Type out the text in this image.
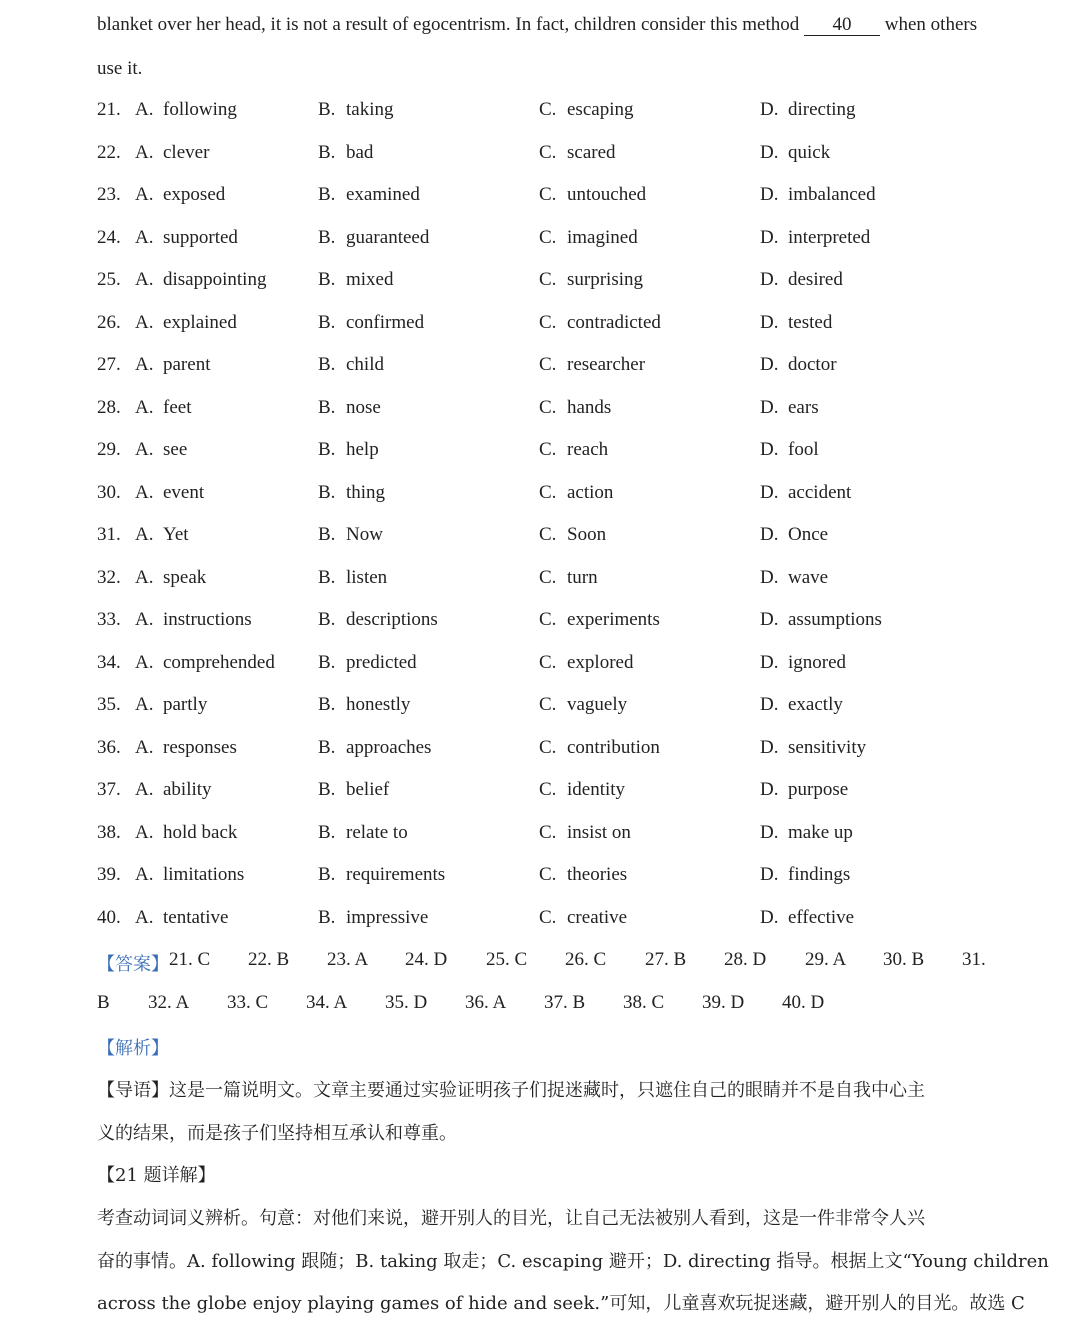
blanket over her head, it is not a result of egocentrism. In fact, children consider this method 40 when others
use it.
21. A. following	B. taking	C. escaping	D. directing
22. A. clever	B. bad	C. scared	D. quick
23. A. exposed	B. examined	C. untouched	D. imbalanced
24. A. supported	B. guaranteed	C. imagined	D. interpreted
25. A. disappointing	B. mixed	C. surprising	D. desired
26. A. explained	B. confirmed	C. contradicted	D. tested
27. A. parent	B. child	C. researcher	D. doctor
28. A. feet	B. nose	C. hands	D. ears
29. A. see	B. help	C. reach	D. fool
30. A. event	B. thing	C. action	D. accident
31. A. Yet	B. Now	C. Soon	D. Once
32. A. speak	B. listen	C. turn	D. wave
33. A. instructions	B. descriptions	C. experiments	D. assumptions
34. A. comprehended B. predicted	C. explored	D. ignored
35. A. partly	B. honestly	C. vaguely	D. exactly
36. A. responses	B. approaches	C. contribution	D. sensitivity
37. A. ability	B. belief	C. identity	D. purpose
38. A. hold back	B. relate to	C. insist on	D. make up
39. A. limitations	B. requirements	C. theories	D. findings
40. A. tentative	B. impressive	C. creative	D. effective
【答案】 21. C 22. B 23. A 24. D 25. C 26. C 27. B 28. D 29. A 30. B 31.
B 32. A 33. C 34. A 35. D 36. A 37. B 38. C 39. D 40. D
【解析】
【导语】这是一篇说明文。文章主要通过实验证明孩子们捉迷藏时，只遮住自己的眼睛并不是自我中心主
义的结果，而是孩子们坚持相互承认和尊重。
【21 题详解】
考查动词词义辨析。句意：对他们来说，避开别人的目光，让自己无法被别人看到，这是一件非常令人兴
奋的事情。A. following 跟随；B. taking 取走；C. escaping 避开；D. directing 指导。根据上文“Young children
across the globe enjoy playing games of hide and seek.”可知，儿童喜欢玩捉迷藏，避开别人的目光。故选 C
